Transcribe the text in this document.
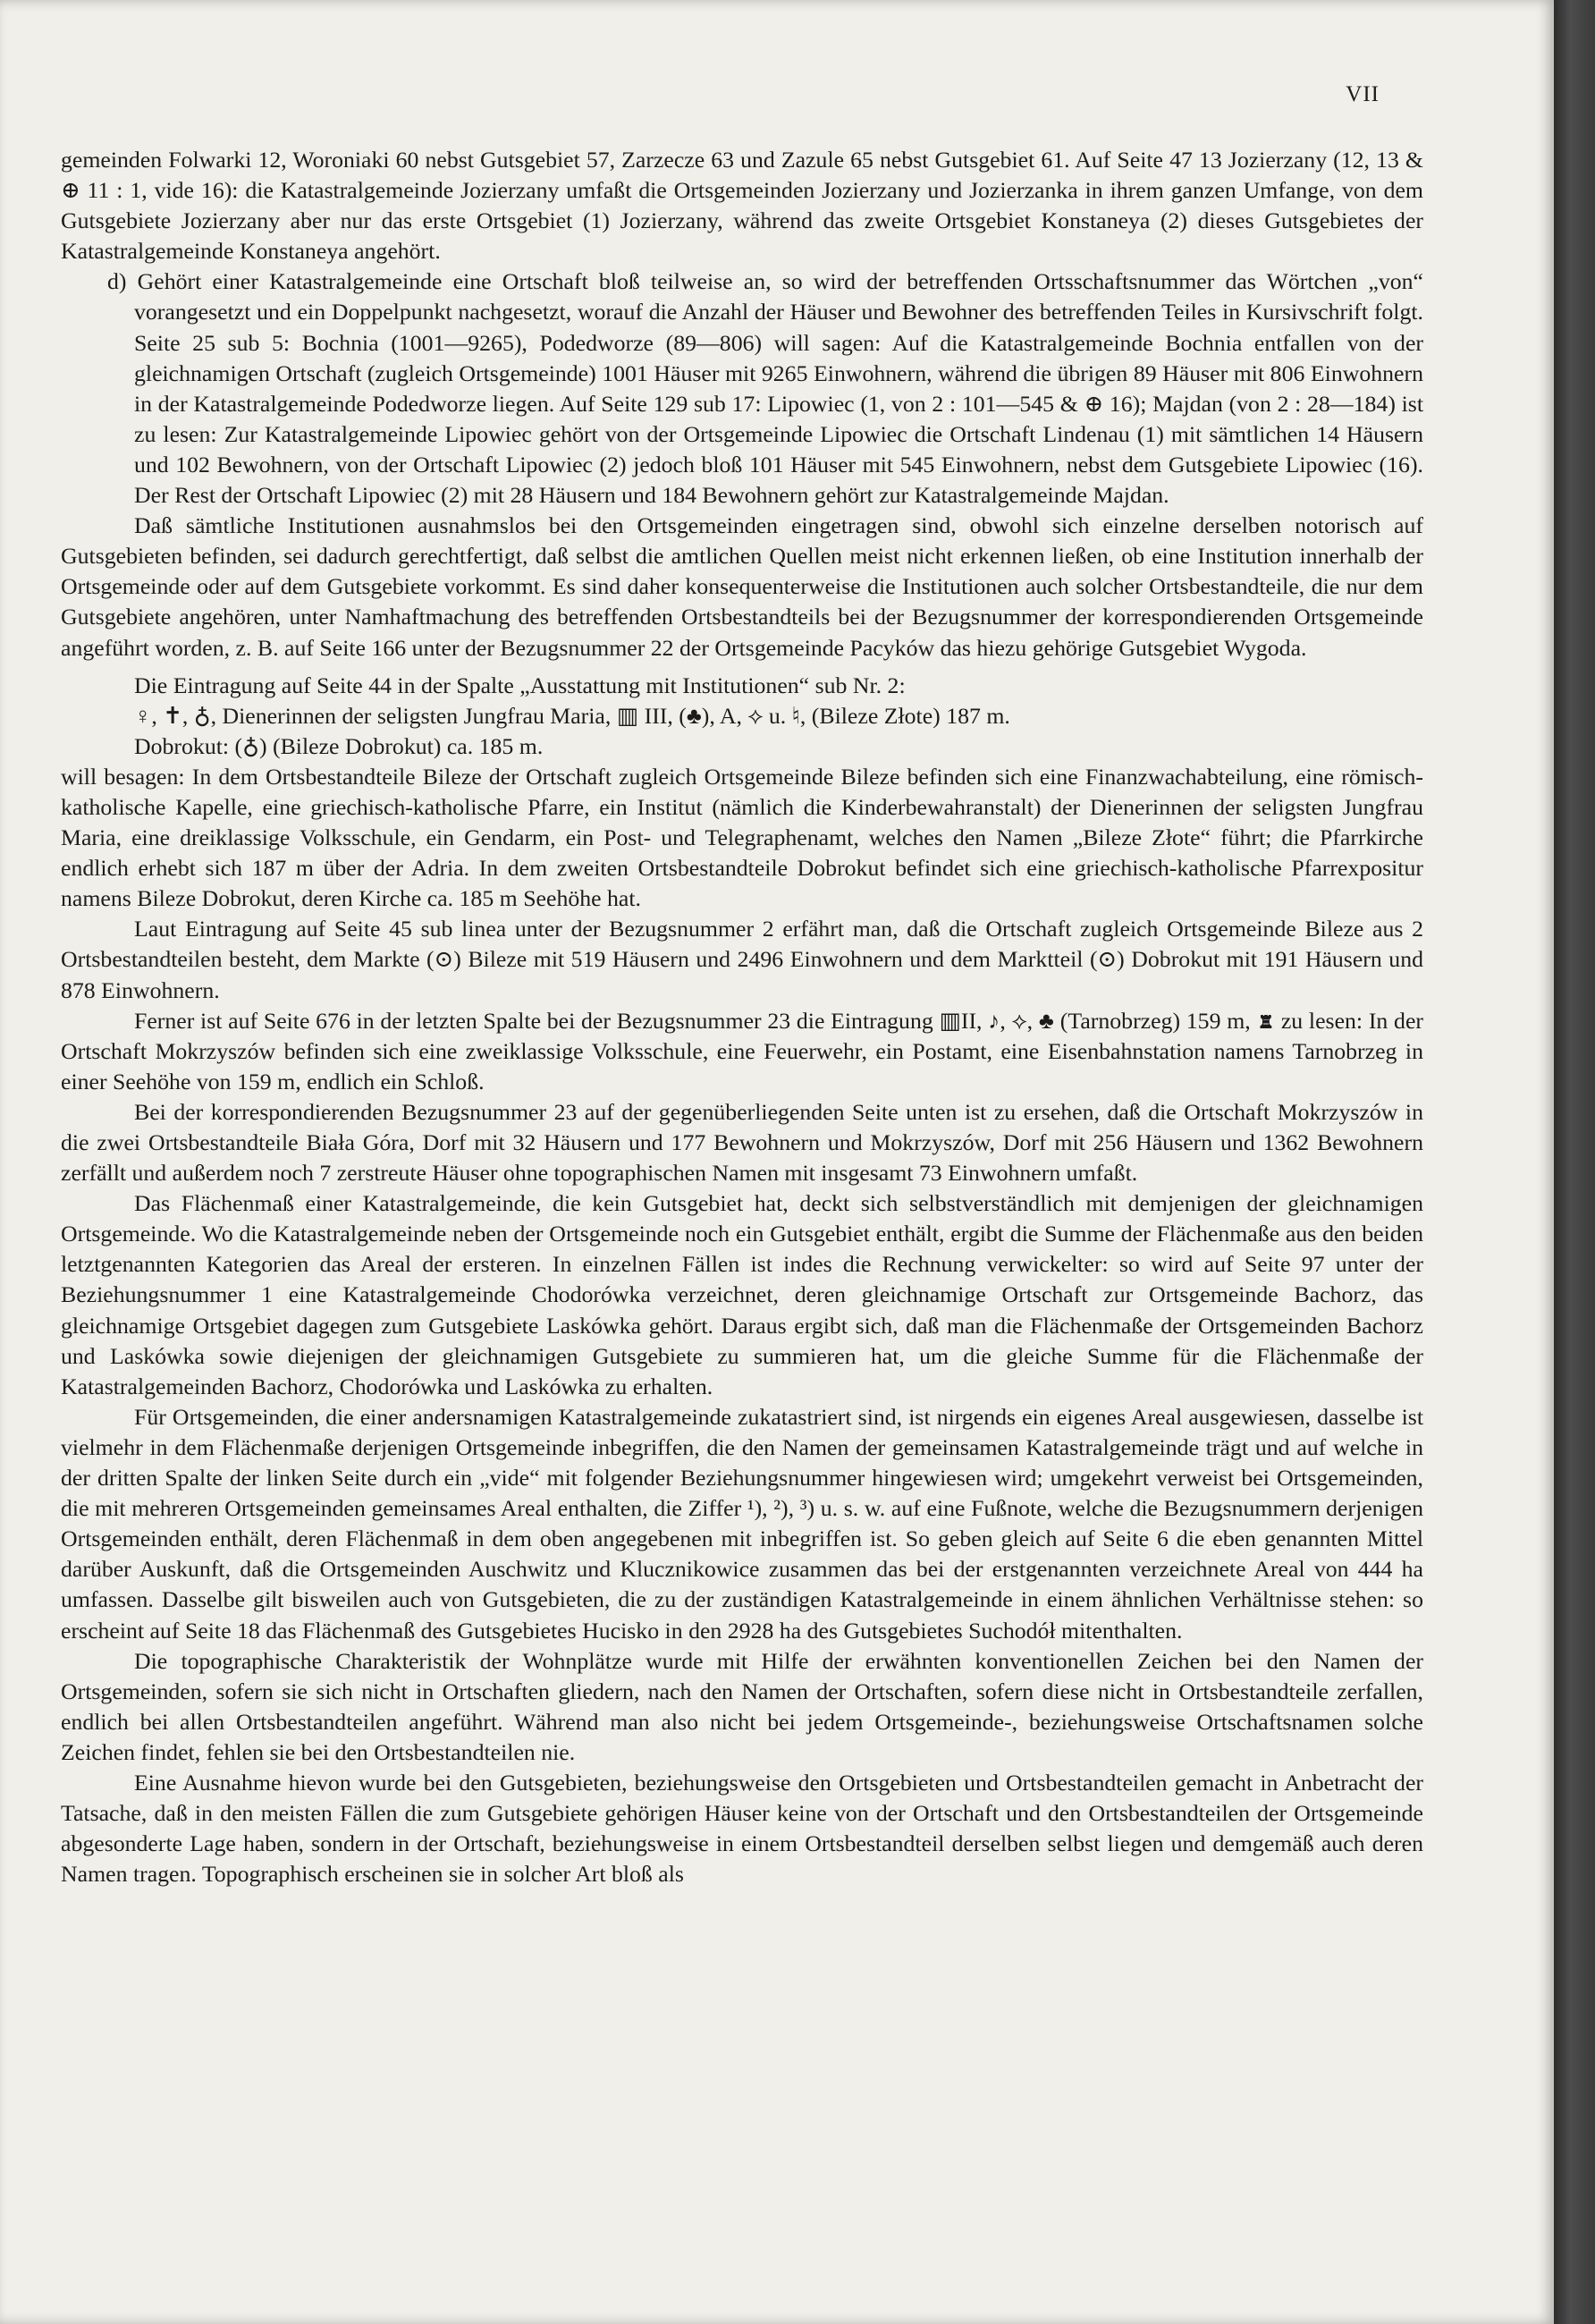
VII

gemeinden Folwarki 12, Woroniaki 60 nebst Gutsgebiet 57, Zarzecze 63 und Zazule 65 nebst Gutsgebiet 61. Auf Seite 47 13 Jozierzany (12, 13 & ⊕ 11 : 1, vide 16): die Katastralgemeinde Jozierzany umfaßt die Ortsgemeinden Jozierzany und Jozierzanka in ihrem ganzen Umfange, von dem Gutsgebiete Jozierzany aber nur das erste Ortsgebiet (1) Jozierzany, während das zweite Ortsgebiet Konstaneya (2) dieses Gutsgebietes der Katastralgemeinde Konstaneya angehört.

d) Gehört einer Katastralgemeinde eine Ortschaft bloß teilweise an, so wird der betreffenden Ortsschaftsnummer das Wörtchen „von“ vorangesetzt und ein Doppelpunkt nachgesetzt, worauf die Anzahl der Häuser und Bewohner des betreffenden Teiles in Kursivschrift folgt. Seite 25 sub 5: Bochnia (1001—9265), Podedworze (89—806) will sagen: Auf die Katastralgemeinde Bochnia entfallen von der gleichnamigen Ortschaft (zugleich Ortsgemeinde) 1001 Häuser mit 9265 Einwohnern, während die übrigen 89 Häuser mit 806 Einwohnern in der Katastralgemeinde Podedworze liegen. Auf Seite 129 sub 17: Lipowiec (1, von 2 : 101—545 & ⊕ 16); Majdan (von 2 : 28—184) ist zu lesen: Zur Katastralgemeinde Lipowiec gehört von der Ortsgemeinde Lipowiec die Ortschaft Lindenau (1) mit sämtlichen 14 Häusern und 102 Bewohnern, von der Ortschaft Lipowiec (2) jedoch bloß 101 Häuser mit 545 Einwohnern, nebst dem Gutsgebiete Lipowiec (16). Der Rest der Ortschaft Lipowiec (2) mit 28 Häusern und 184 Bewohnern gehört zur Katastralgemeinde Majdan.

Daß sämtliche Institutionen ausnahmslos bei den Ortsgemeinden eingetragen sind, obwohl sich einzelne derselben notorisch auf Gutsgebieten befinden, sei dadurch gerechtfertigt, daß selbst die amtlichen Quellen meist nicht erkennen ließen, ob eine Institution innerhalb der Ortsgemeinde oder auf dem Gutsgebiete vorkommt. Es sind daher konsequenterweise die Institutionen auch solcher Ortsbestandteile, die nur dem Gutsgebiete angehören, unter Namhaftmachung des betreffenden Ortsbestandteils bei der Bezugsnummer der korrespondierenden Ortsgemeinde angeführt worden, z. B. auf Seite 166 unter der Bezugsnummer 22 der Ortsgemeinde Pacyków das hiezu gehörige Gutsgebiet Wygoda.

Die Eintragung auf Seite 44 in der Spalte „Ausstattung mit Institutionen“ sub Nr. 2:

♀, ✝, ♁, Dienerinnen der seligsten Jungfrau Maria, ▥ III, (♣), A, ⟡ u. ♮, (Bileze Złote) 187 m.

Dobrokut: (♁) (Bileze Dobrokut) ca. 185 m.

will besagen: In dem Ortsbestandteile Bileze der Ortschaft zugleich Ortsgemeinde Bileze befinden sich eine Finanzwachabteilung, eine römisch-katholische Kapelle, eine griechisch-katholische Pfarre, ein Institut (nämlich die Kinderbewahranstalt) der Dienerinnen der seligsten Jungfrau Maria, eine dreiklassige Volksschule, ein Gendarm, ein Post- und Telegraphenamt, welches den Namen „Bileze Złote“ führt; die Pfarrkirche endlich erhebt sich 187 m über der Adria. In dem zweiten Ortsbestandteile Dobrokut befindet sich eine griechisch-katholische Pfarrexpositur namens Bileze Dobrokut, deren Kirche ca. 185 m Seehöhe hat.

Laut Eintragung auf Seite 45 sub linea unter der Bezugsnummer 2 erfährt man, daß die Ortschaft zugleich Ortsgemeinde Bileze aus 2 Ortsbestandteilen besteht, dem Markte (⊙) Bileze mit 519 Häusern und 2496 Einwohnern und dem Marktteil (⊙) Dobrokut mit 191 Häusern und 878 Einwohnern.

Ferner ist auf Seite 676 in der letzten Spalte bei der Bezugsnummer 23 die Eintragung ▥II, ♪, ⟡, ♣ (Tarnobrzeg) 159 m, ♜ zu lesen: In der Ortschaft Mokrzyszów befinden sich eine zweiklassige Volksschule, eine Feuerwehr, ein Postamt, eine Eisenbahnstation namens Tarnobrzeg in einer Seehöhe von 159 m, endlich ein Schloß.

Bei der korrespondierenden Bezugsnummer 23 auf der gegenüberliegenden Seite unten ist zu ersehen, daß die Ortschaft Mokrzyszów in die zwei Ortsbestandteile Biała Góra, Dorf mit 32 Häusern und 177 Bewohnern und Mokrzyszów, Dorf mit 256 Häusern und 1362 Bewohnern zerfällt und außerdem noch 7 zerstreute Häuser ohne topographischen Namen mit insgesamt 73 Einwohnern umfaßt.

Das Flächenmaß einer Katastralgemeinde, die kein Gutsgebiet hat, deckt sich selbstverständlich mit demjenigen der gleichnamigen Ortsgemeinde. Wo die Katastralgemeinde neben der Ortsgemeinde noch ein Gutsgebiet enthält, ergibt die Summe der Flächenmaße aus den beiden letztgenannten Kategorien das Areal der ersteren. In einzelnen Fällen ist indes die Rechnung verwickelter: so wird auf Seite 97 unter der Beziehungsnummer 1 eine Katastralgemeinde Chodorówka verzeichnet, deren gleichnamige Ortschaft zur Ortsgemeinde Bachorz, das gleichnamige Ortsgebiet dagegen zum Gutsgebiete Laskówka gehört. Daraus ergibt sich, daß man die Flächenmaße der Ortsgemeinden Bachorz und Laskówka sowie diejenigen der gleichnamigen Gutsgebiete zu summieren hat, um die gleiche Summe für die Flächenmaße der Katastralgemeinden Bachorz, Chodorówka und Laskówka zu erhalten.

Für Ortsgemeinden, die einer andersnamigen Katastralgemeinde zukatastriert sind, ist nirgends ein eigenes Areal ausgewiesen, dasselbe ist vielmehr in dem Flächenmaße derjenigen Ortsgemeinde inbegriffen, die den Namen der gemeinsamen Katastralgemeinde trägt und auf welche in der dritten Spalte der linken Seite durch ein „vide“ mit folgender Beziehungsnummer hingewiesen wird; umgekehrt verweist bei Ortsgemeinden, die mit mehreren Ortsgemeinden gemeinsames Areal enthalten, die Ziffer ¹), ²), ³) u. s. w. auf eine Fußnote, welche die Bezugsnummern derjenigen Ortsgemeinden enthält, deren Flächenmaß in dem oben angegebenen mit inbegriffen ist. So geben gleich auf Seite 6 die eben genannten Mittel darüber Auskunft, daß die Ortsgemeinden Auschwitz und Klucznikowice zusammen das bei der erstgenannten verzeichnete Areal von 444 ha umfassen. Dasselbe gilt bisweilen auch von Gutsgebieten, die zu der zuständigen Katastralgemeinde in einem ähnlichen Verhältnisse stehen: so erscheint auf Seite 18 das Flächenmaß des Gutsgebietes Hucisko in den 2928 ha des Gutsgebietes Suchodół mitenthalten.

Die topographische Charakteristik der Wohnplätze wurde mit Hilfe der erwähnten konventionellen Zeichen bei den Namen der Ortsgemeinden, sofern sie sich nicht in Ortschaften gliedern, nach den Namen der Ortschaften, sofern diese nicht in Ortsbestandteile zerfallen, endlich bei allen Ortsbestandteilen angeführt. Während man also nicht bei jedem Ortsgemeinde-, beziehungsweise Ortschaftsnamen solche Zeichen findet, fehlen sie bei den Ortsbestandteilen nie.

Eine Ausnahme hievon wurde bei den Gutsgebieten, beziehungsweise den Ortsgebieten und Ortsbestandteilen gemacht in Anbetracht der Tatsache, daß in den meisten Fällen die zum Gutsgebiete gehörigen Häuser keine von der Ortschaft und den Ortsbestandteilen der Ortsgemeinde abgesonderte Lage haben, sondern in der Ortschaft, beziehungsweise in einem Ortsbestandteil derselben selbst liegen und demgemäß auch deren Namen tragen. Topographisch erscheinen sie in solcher Art bloß als
